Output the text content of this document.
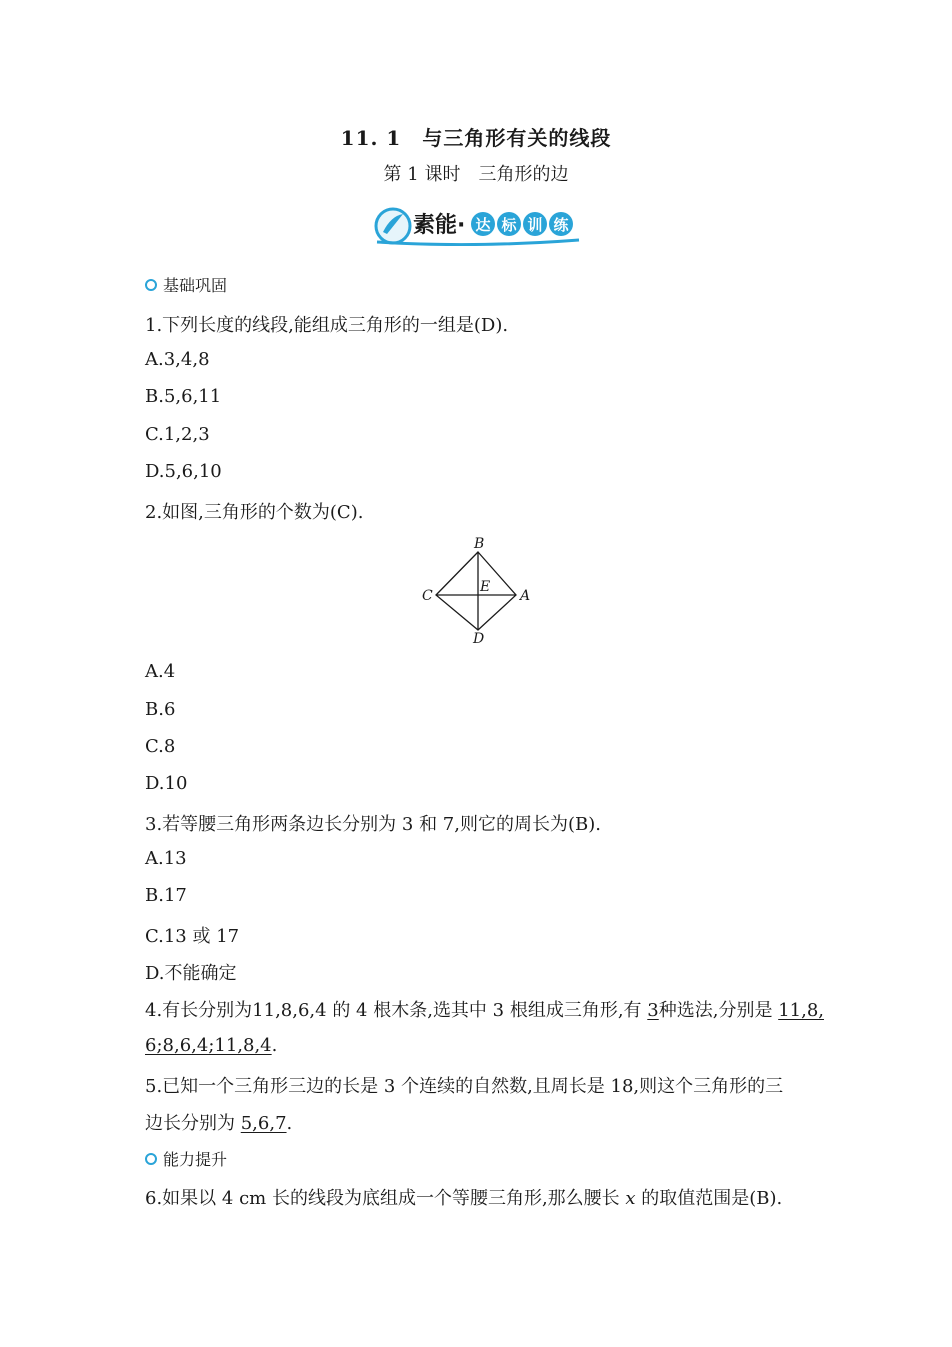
11. 1　与三角形有关的线段
第 1 课时　三角形的边
素能· 达 标 训 练
基础巩固
1.下列长度的线段,能组成三角形的一组是(D).
A.3,4,8
B.5,6,11
C.1,2,3
D.5,6,10
2.如图,三角形的个数为(C).
B
C
E
A
D
A.4
B.6
C.8
D.10
3.若等腰三角形两条边长分别为 3 和 7,则它的周长为(B).
A.13
B.17
C.13 或 17
D.不能确定
4.有长分别为11,8,6,4 的 4 根木条,选其中 3 根组成三角形,有 3种选法,分别是 11,8,
6;8,6,4;11,8,4.
5.已知一个三角形三边的长是 3 个连续的自然数,且周长是 18,则这个三角形的三
边长分别为 5,6,7.
能力提升
6.如果以 4 cm 长的线段为底组成一个等腰三角形,那么腰长 x 的取值范围是(B).
